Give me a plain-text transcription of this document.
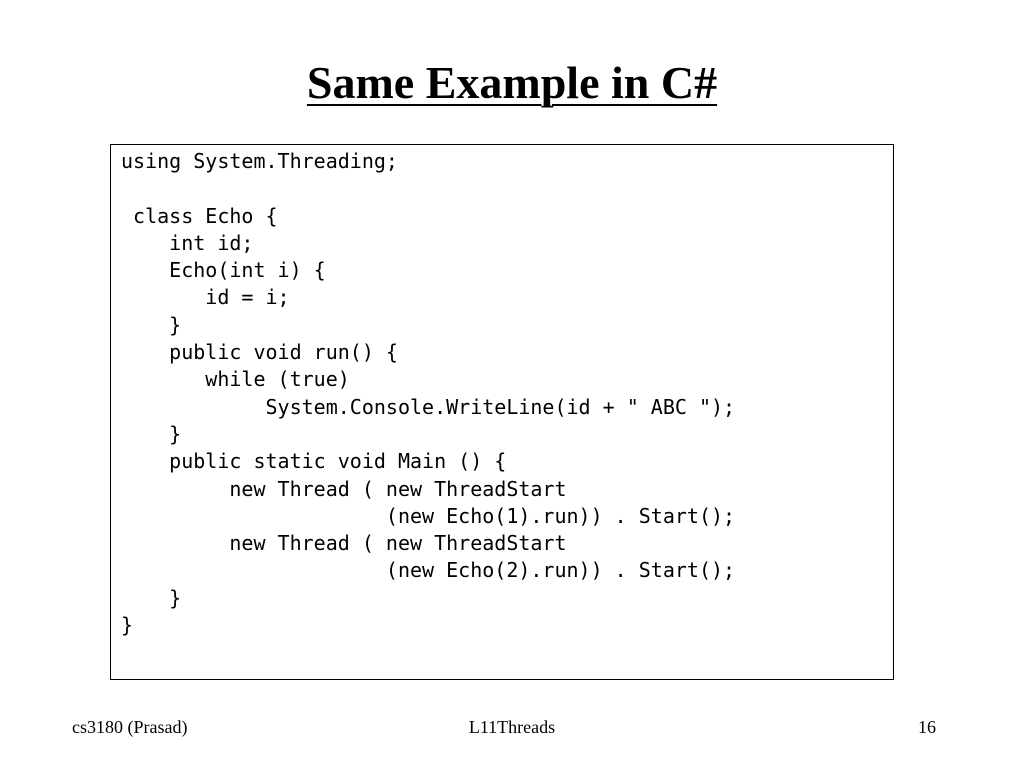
Same Example in C#
using System.Threading;
class Echo {
int id;
Echo(int i) {
id = i;
}
public void run() {
while (true)
System.Console.WriteLine(id + " ABC ");
}
public static void Main () {
new Thread ( new ThreadStart
(new Echo(1).run)) . Start();
new Thread ( new ThreadStart
(new Echo(2).run)) . Start();
}
}
cs3180 (Prasad)	L11Threads	16
